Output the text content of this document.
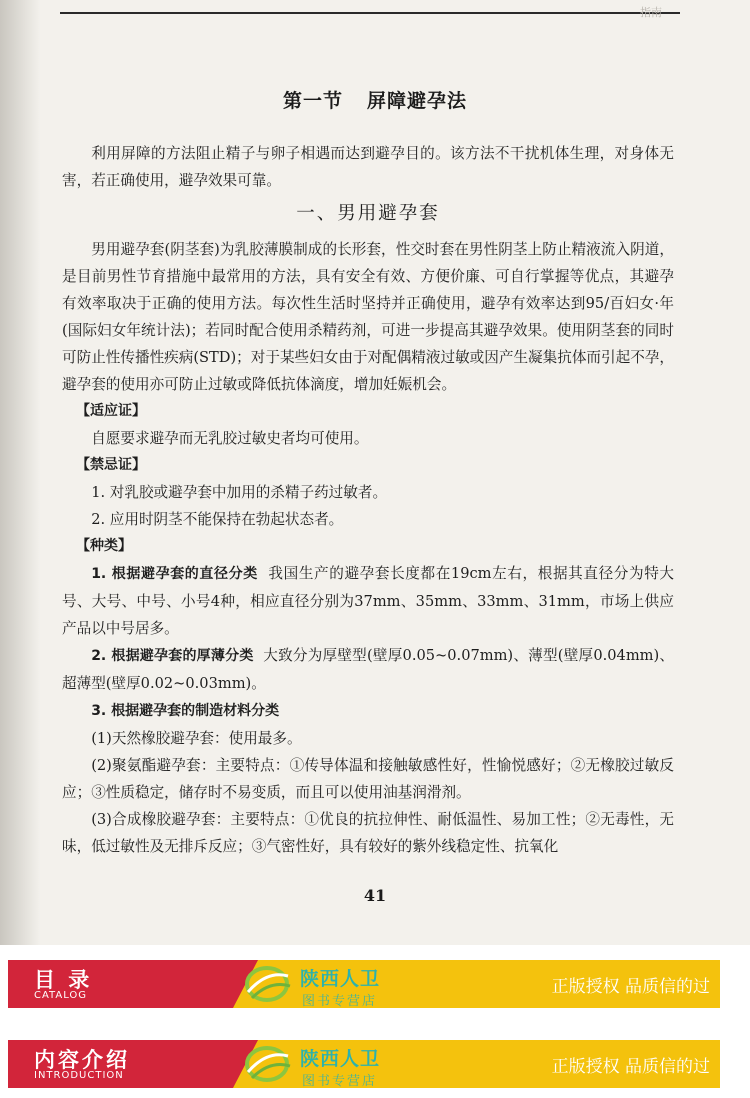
指南
第一节 屏障避孕法

利用屏障的方法阻止精子与卵子相遇而达到避孕目的。该方法不干扰机体生理，对身体无害，若正确使用，避孕效果可靠。

一、男用避孕套

男用避孕套(阴茎套)为乳胶薄膜制成的长形套，性交时套在男性阴茎上防止精液流入阴道，是目前男性节育措施中最常用的方法，具有安全有效、方便价廉、可自行掌握等优点，其避孕有效率取决于正确的使用方法。每次性生活时坚持并正确使用，避孕有效率达到95/百妇女·年(国际妇女年统计法)；若同时配合使用杀精药剂，可进一步提高其避孕效果。使用阴茎套的同时可防止性传播性疾病(STD)；对于某些妇女由于对配偶精液过敏或因产生凝集抗体而引起不孕，避孕套的使用亦可防止过敏或降低抗体滴度，增加妊娠机会。

【适应证】

自愿要求避孕而无乳胶过敏史者均可使用。

【禁忌证】

1. 对乳胶或避孕套中加用的杀精子药过敏者。

2. 应用时阴茎不能保持在勃起状态者。

【种类】

1. 根据避孕套的直径分类 我国生产的避孕套长度都在19cm左右，根据其直径分为特大号、大号、中号、小号4种，相应直径分别为37mm、35mm、33mm、31mm，市场上供应产品以中号居多。

2. 根据避孕套的厚薄分类 大致分为厚壁型(壁厚0.05~0.07mm)、薄型(壁厚0.04mm)、超薄型(壁厚0.02~0.03mm)。

3. 根据避孕套的制造材料分类

(1)天然橡胶避孕套：使用最多。

(2)聚氨酯避孕套：主要特点：①传导体温和接触敏感性好，性愉悦感好；②无橡胶过敏反应；③性质稳定，储存时不易变质，而且可以使用油基润滑剂。

(3)合成橡胶避孕套：主要特点：①优良的抗拉伸性、耐低温性、易加工性；②无毒性，无味，低过敏性及无排斥反应；③气密性好，具有较好的紫外线稳定性、抗氧化

41
目 录
CATALOG
陕西人卫
图书专营店
正版授权 品质信的过
内容介绍
INTRODUCTION
陕西人卫
图书专营店
正版授权 品质信的过
